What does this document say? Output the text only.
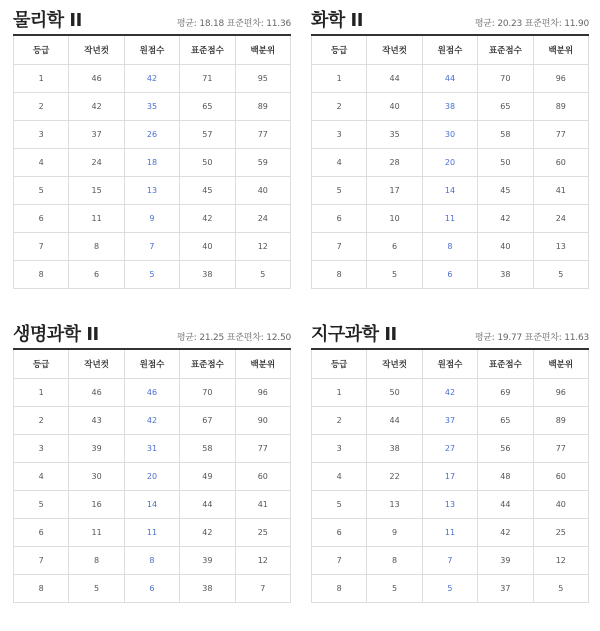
물리학 II	평균: 18.18 표준편차: 11.36
등급	작년컷	원점수	표준점수	백분위
1	46	42	71	95
2	42	35	65	89
3	37	26	57	77
4	24	18	50	59
5	15	13	45	40
6	11	9	42	24
7	8	7	40	12
8	6	5	38	5
화학 II	평균: 20.23 표준편차: 11.90
등급	작년컷	원점수	표준점수	백분위
1	44	44	70	96
2	40	38	65	89
3	35	30	58	77
4	28	20	50	60
5	17	14	45	41
6	10	11	42	24
7	6	8	40	13
8	5	6	38	5
생명과학 II	평균: 21.25 표준편차: 12.50
등급	작년컷	원점수	표준점수	백분위
1	46	46	70	96
2	43	42	67	90
3	39	31	58	77
4	30	20	49	60
5	16	14	44	41
6	11	11	42	25
7	8	8	39	12
8	5	6	38	7
지구과학 II	평균: 19.77 표준편차: 11.63
등급	작년컷	원점수	표준점수	백분위
1	50	42	69	96
2	44	37	65	89
3	38	27	56	77
4	22	17	48	60
5	13	13	44	40
6	9	11	42	25
7	8	7	39	12
8	5	5	37	5
